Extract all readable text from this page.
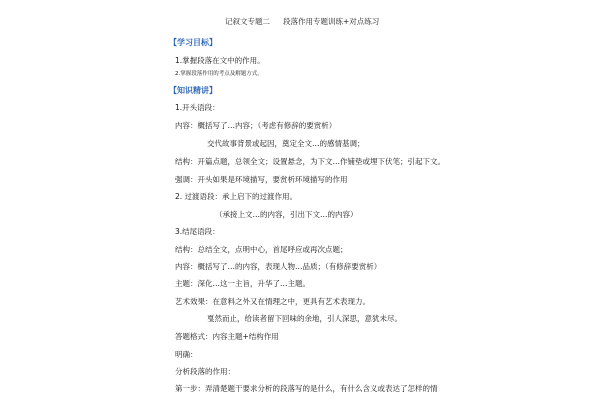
记叙文专题二 段落作用专题训练+对点练习
【学习目标】
1.掌握段落在文中的作用。
2.掌握段落作用的考点及解题方式。
【知识精讲】
1.开头语段：
内容：概括写了…内容；（考虑有修辞的要赏析）
交代故事背景或起因，奠定全文…的感情基调；
结构：开篇点题，总领全文；设置悬念，为下文…作铺垫或埋下伏笔；引起下文。
强调：开头如果是环境描写，要赏析环境描写的作用
2. 过渡语段：承上启下的过渡作用。
（承接上文…的内容，引出下文…的内容）
3.结尾语段：
结构：总结全文，点明中心，首尾呼应或再次点题；
内容：概括写了…的内容，表现人物…品质；（有修辞要赏析）
主题：深化…这一主旨，升华了…主题。
艺术效果：在意料之外又在情理之中，更具有艺术表现力。
戛然而止，给读者留下回味的余地，引人深思，意犹未尽。
答题格式：内容主题+结构作用
明确：
分析段落的作用：
第一步：弄清楚题干要求分析的段落写的是什么，有什么含义或表达了怎样的情
